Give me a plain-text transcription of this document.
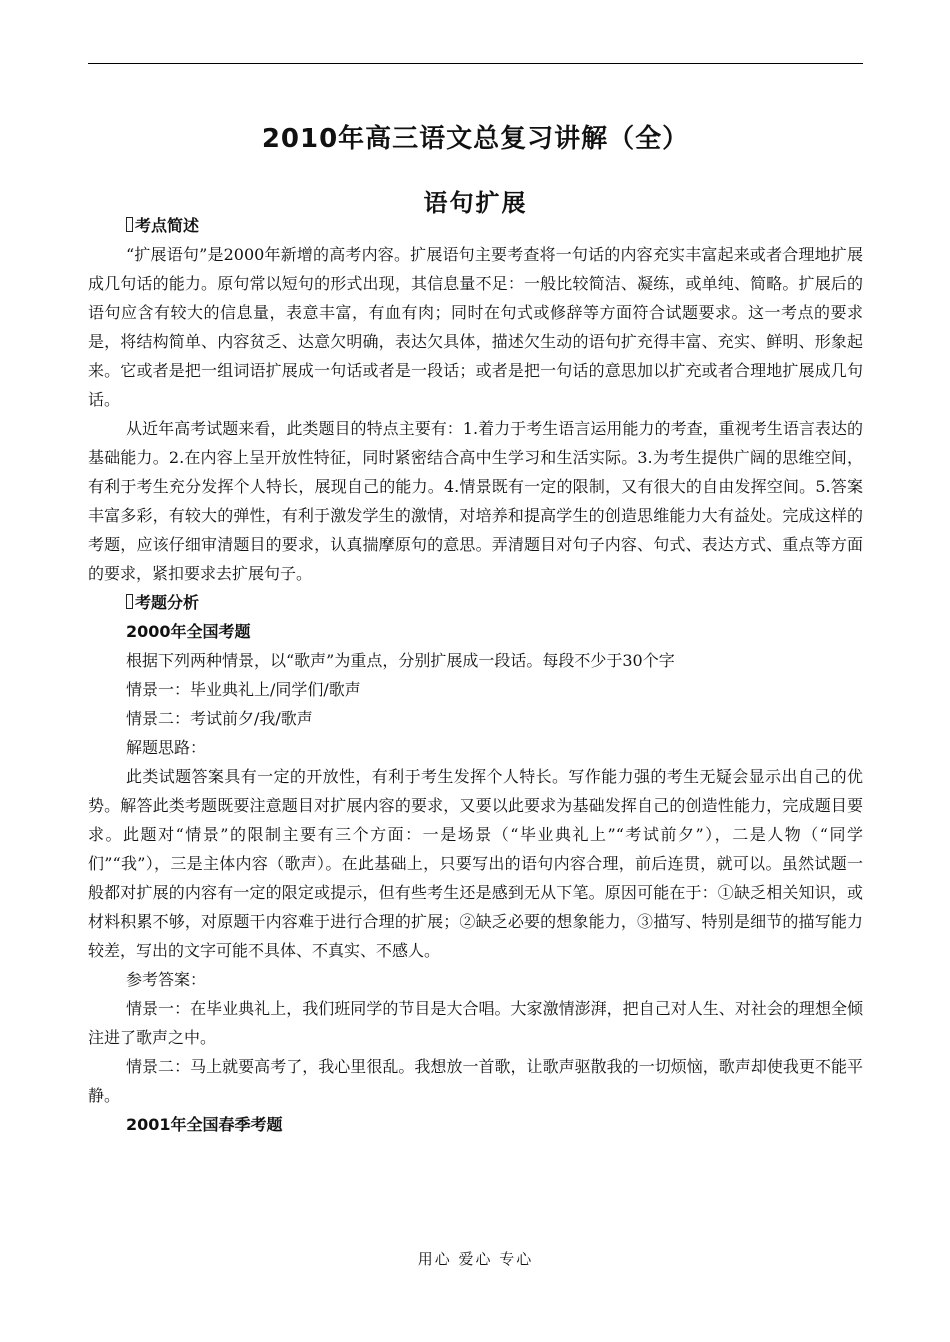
2010年高三语文总复习讲解（全）
语句扩展

考点简述

“扩展语句”是2000年新增的高考内容。扩展语句主要考查将一句话的内容充实丰富起来或者合理地扩展成几句话的能力。原句常以短句的形式出现，其信息量不足：一般比较简洁、凝练，或单纯、简略。扩展后的语句应含有较大的信息量，表意丰富，有血有肉；同时在句式或修辞等方面符合试题要求。这一考点的要求是，将结构简单、内容贫乏、达意欠明确，表达欠具体，描述欠生动的语句扩充得丰富、充实、鲜明、形象起来。它或者是把一组词语扩展成一句话或者是一段话；或者是把一句话的意思加以扩充或者合理地扩展成几句话。

从近年高考试题来看，此类题目的特点主要有：1.着力于考生语言运用能力的考查，重视考生语言表达的基础能力。2.在内容上呈开放性特征，同时紧密结合高中生学习和生活实际。3.为考生提供广阔的思维空间，有利于考生充分发挥个人特长，展现自己的能力。4.情景既有一定的限制，又有很大的自由发挥空间。5.答案丰富多彩，有较大的弹性，有利于激发学生的激情，对培养和提高学生的创造思维能力大有益处。完成这样的考题，应该仔细审清题目的要求，认真揣摩原句的意思。弄清题目对句子内容、句式、表达方式、重点等方面的要求，紧扣要求去扩展句子。

考题分析

2000年全国考题

根据下列两种情景，以“歌声”为重点，分别扩展成一段话。每段不少于30个字

情景一：毕业典礼上/同学们/歌声

情景二：考试前夕/我/歌声

解题思路：

此类试题答案具有一定的开放性，有利于考生发挥个人特长。写作能力强的考生无疑会显示出自己的优势。解答此类考题既要注意题目对扩展内容的要求，又要以此要求为基础发挥自己的创造性能力，完成题目要求。此题对“情景”的限制主要有三个方面：一是场景（“毕业典礼上”“考试前夕”），二是人物（“同学们”“我”），三是主体内容（歌声）。在此基础上，只要写出的语句内容合理，前后连贯，就可以。虽然试题一般都对扩展的内容有一定的限定或提示，但有些考生还是感到无从下笔。原因可能在于：①缺乏相关知识，或材料积累不够，对原题干内容难于进行合理的扩展；②缺乏必要的想象能力，③描写、特别是细节的描写能力较差，写出的文字可能不具体、不真实、不感人。

参考答案：

情景一：在毕业典礼上，我们班同学的节目是大合唱。大家激情澎湃，把自己对人生、对社会的理想全倾注进了歌声之中。

情景二：马上就要高考了，我心里很乱。我想放一首歌，让歌声驱散我的一切烦恼，歌声却使我更不能平静。

2001年全国春季考题

用心 爱心 专心
